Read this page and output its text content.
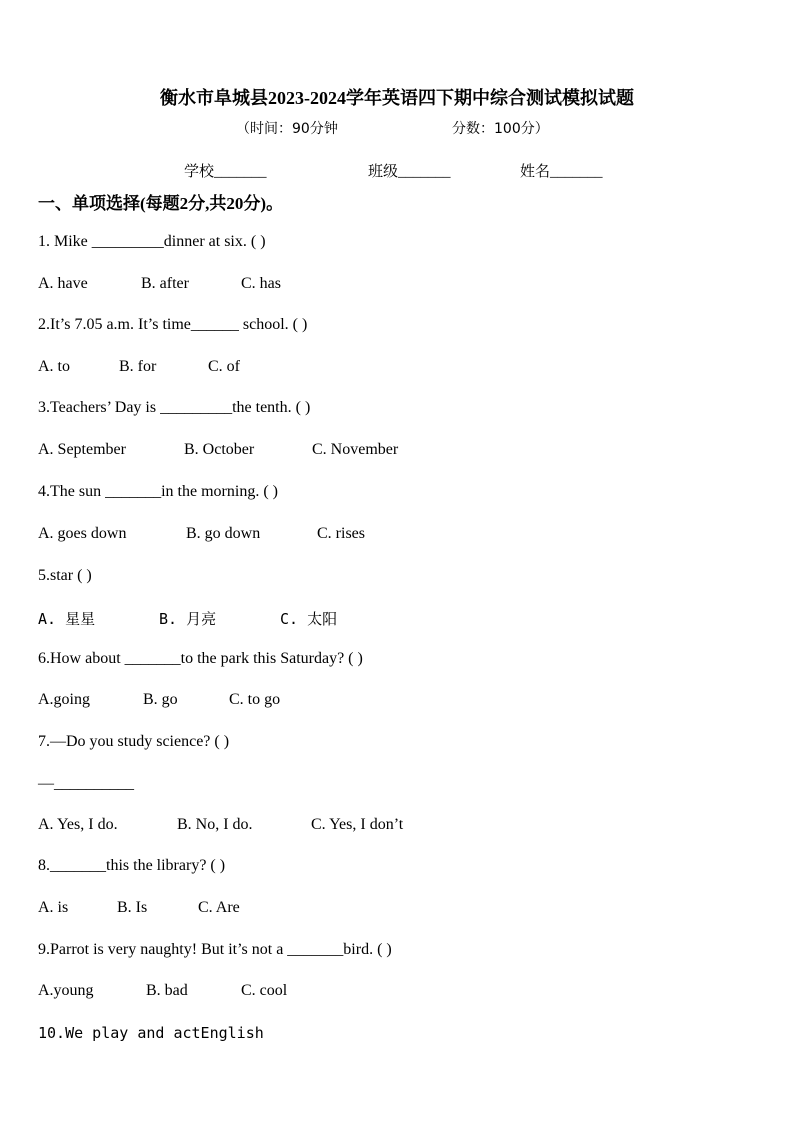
衡水市阜城县2023-2024学年英语四下期中综合测试模拟试题
（时间：90分钟	分数：100分）
学校_______	班级_______	姓名_______
一、单项选择(每题2分,共20分)。
1. Mike _________dinner at six. ( )
A. have	B. after	C. has
2.It’s 7.05 a.m. It’s time______ school. ( )
A. to	B. for	C. of
3.Teachers’ Day is _________the tenth. ( )
A. September	B. October	C. November
4.The sun _______in the morning. ( )
A. goes down	B. go down	C. rises
5.star ( )
A. 星星	B. 月亮	C. 太阳
6.How about _______to the park this Saturday? ( )
A.going	B. go	C. to go
7.—Do you study science? ( )
—__________
A. Yes, I do.	B. No, I do.	C. Yes, I don’t
8._______this the library? ( )
A. is	B. Is	C. Are
9.Parrot is very naughty! But it’s not a _______bird. ( )
A.young	B. bad	C. cool
10.We play and actEnglish
